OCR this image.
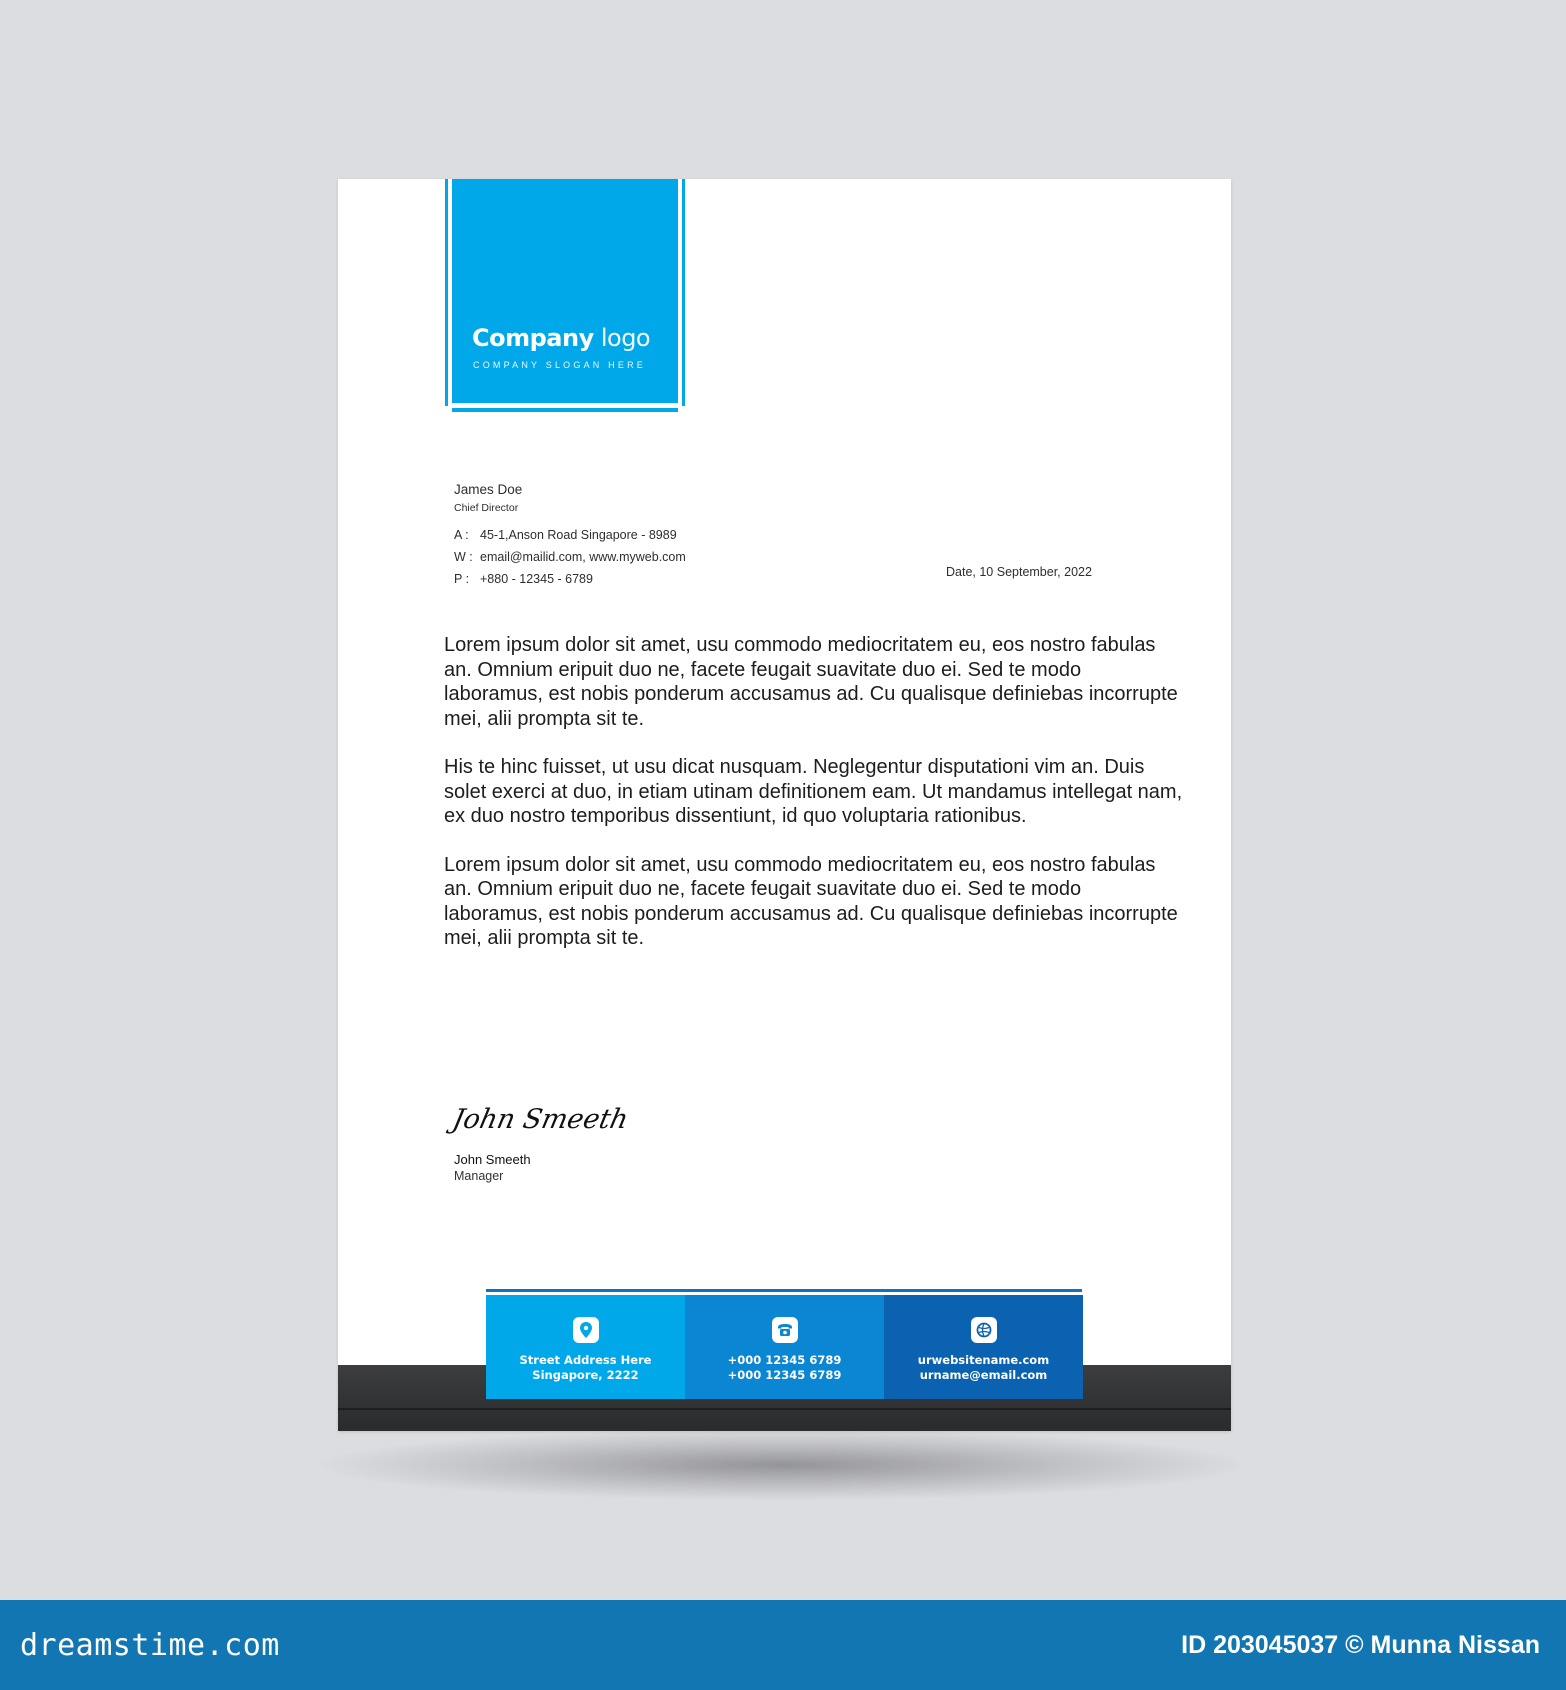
Company logo
COMPANY SLOGAN HERE
James Doe
Chief Director
A : 45-1,Anson Road Singapore - 8989
W : email@mailid.com, www.myweb.com
P : +880 - 12345 - 6789	Date, 10 September, 2022

Lorem ipsum dolor sit amet, usu commodo mediocritatem eu, eos nostro fabulas an. Omnium eripuit duo ne, facete feugait suavitate duo ei. Sed te modo laboramus, est nobis ponderum accusamus ad. Cu qualisque definiebas incorrupte mei, alii prompta sit te.

His te hinc fuisset, ut usu dicat nusquam. Neglegentur disputationi vim an. Duis solet exerci at duo, in etiam utinam definitionem eam. Ut mandamus intellegat nam, ex duo nostro temporibus dissentiunt, id quo voluptaria rationibus.

Lorem ipsum dolor sit amet, usu commodo mediocritatem eu, eos nostro fabulas an. Omnium eripuit duo ne, facete feugait suavitate duo ei. Sed te modo laboramus, est nobis ponderum accusamus ad. Cu qualisque definiebas incorrupte mei, alii prompta sit te.

John Smeeth
John Smeeth
Manager
Street Address Here
Singapore, 2222
+000 12345 6789
+000 12345 6789
urwebsitename.com
urname@email.com
dreamstime.com	ID 203045037 © Munna Nissan
